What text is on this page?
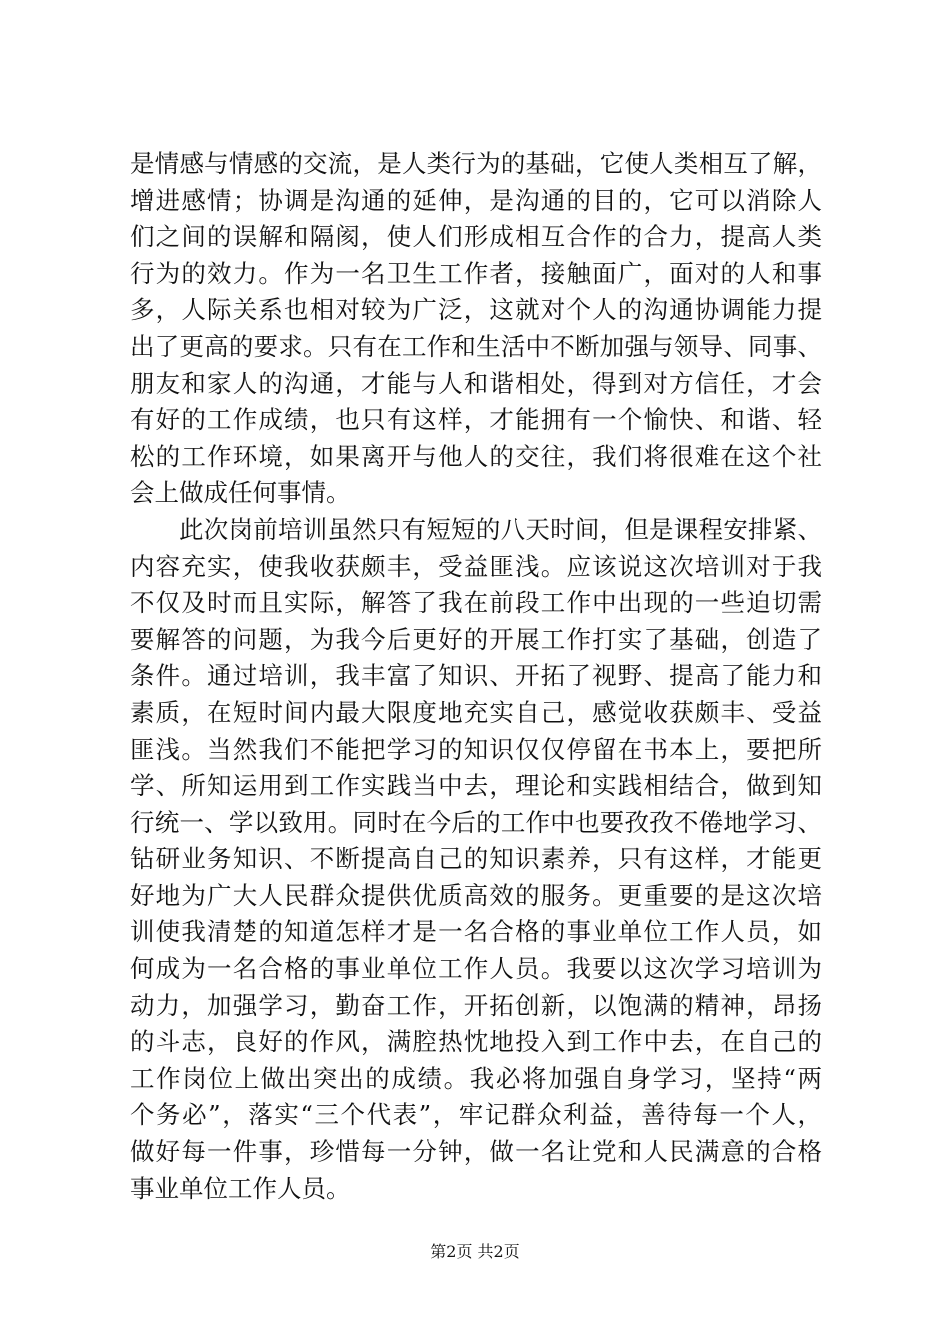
是情感与情感的交流，是人类行为的基础，它使人类相互了解，
增进感情；协调是沟通的延伸，是沟通的目的，它可以消除人
们之间的误解和隔阂，使人们形成相互合作的合力，提高人类
行为的效力。作为一名卫生工作者，接触面广，面对的人和事
多，人际关系也相对较为广泛，这就对个人的沟通协调能力提
出了更高的要求。只有在工作和生活中不断加强与领导、同事、
朋友和家人的沟通，才能与人和谐相处，得到对方信任，才会
有好的工作成绩，也只有这样，才能拥有一个愉快、和谐、轻
松的工作环境，如果离开与他人的交往，我们将很难在这个社
会上做成任何事情。
此次岗前培训虽然只有短短的八天时间，但是课程安排紧、
内容充实，使我收获颇丰，受益匪浅。应该说这次培训对于我
不仅及时而且实际，解答了我在前段工作中出现的一些迫切需
要解答的问题，为我今后更好的开展工作打实了基础，创造了
条件。通过培训，我丰富了知识、开拓了视野、提高了能力和
素质，在短时间内最大限度地充实自己，感觉收获颇丰、受益
匪浅。当然我们不能把学习的知识仅仅停留在书本上，要把所
学、所知运用到工作实践当中去，理论和实践相结合，做到知
行统一、学以致用。同时在今后的工作中也要孜孜不倦地学习、
钻研业务知识、不断提高自己的知识素养，只有这样，才能更
好地为广大人民群众提供优质高效的服务。更重要的是这次培
训使我清楚的知道怎样才是一名合格的事业单位工作人员，如
何成为一名合格的事业单位工作人员。我要以这次学习培训为
动力，加强学习，勤奋工作，开拓创新，以饱满的精神，昂扬
的斗志，良好的作风，满腔热忱地投入到工作中去，在自己的
工作岗位上做出突出的成绩。我必将加强自身学习，坚持“两
个务必”，落实“三个代表”，牢记群众利益，善待每一个人，
做好每一件事，珍惜每一分钟，做一名让党和人民满意的合格
事业单位工作人员。
第2页 共2页
